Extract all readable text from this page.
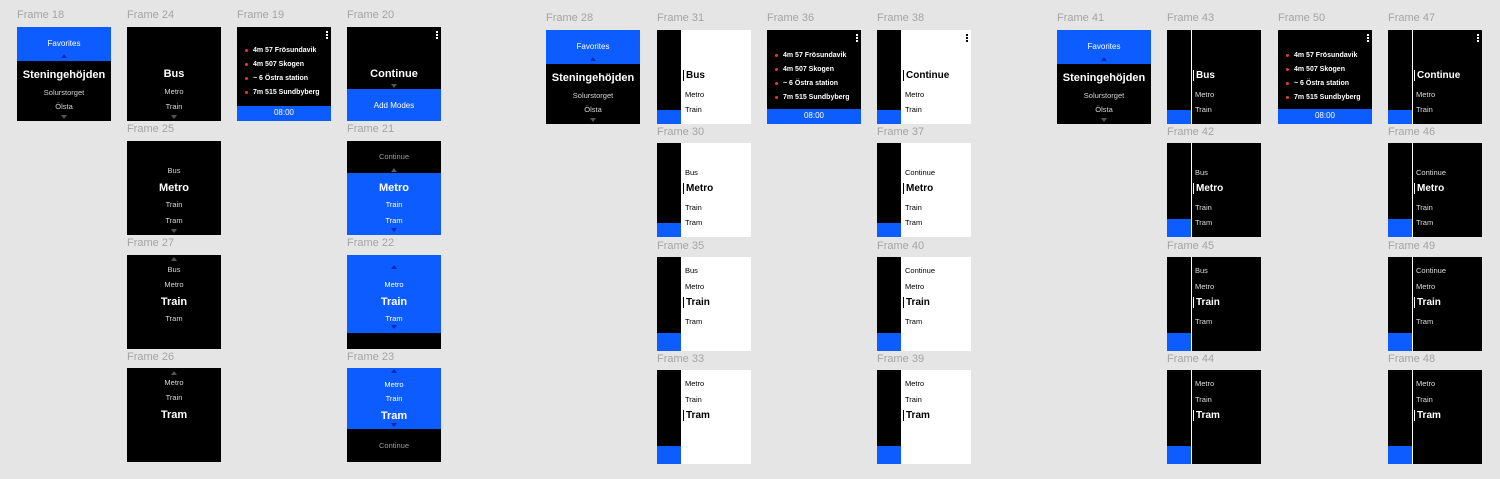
Frame 18
Favorites
Steningehöjden
Solurstorget
Ölsta
Frame 24
Bus
Metro
Train
Frame 19
4m 57 Frösundavik
4m 507 Skogen
~ 6 Östra station
7m 515 Sundbyberg
08:00
Frame 20
Continue
Add Modes
Frame 25
Bus
Metro
Train
Tram
Frame 21
Continue
Metro
Train
Tram
Frame 27
Bus
Metro
Train
Tram
Frame 22
Metro
Train
Tram
Frame 26
Metro
Train
Tram
Frame 23
Metro
Train
Tram
Continue
Frame 28
Favorites
Steningehöjden
Solurstorget
Ölsta
Frame 31
Bus
Metro
Train
Frame 36
4m 57 Frösundavik
4m 507 Skogen
~ 6 Östra station
7m 515 Sundbyberg
08:00
Frame 38
Continue
Metro
Train
Frame 30
Bus
Metro
Train
Tram
Frame 37
Continue
Metro
Train
Tram
Frame 35
Bus
Metro
Train
Tram
Frame 40
Continue
Metro
Train
Tram
Frame 33
Metro
Train
Tram
Frame 39
Metro
Train
Tram
Frame 41
Favorites
Steningehöjden
Solurstorget
Ölsta
Frame 43
Bus
Metro
Train
Frame 50
4m 57 Frösundavik
4m 507 Skogen
~ 6 Östra station
7m 515 Sundbyberg
08:00
Frame 47
Continue
Metro
Train
Frame 42
Bus
Metro
Train
Tram
Frame 46
Continue
Metro
Train
Tram
Frame 45
Bus
Metro
Train
Tram
Frame 49
Continue
Metro
Train
Tram
Frame 44
Metro
Train
Tram
Frame 48
Metro
Train
Tram
